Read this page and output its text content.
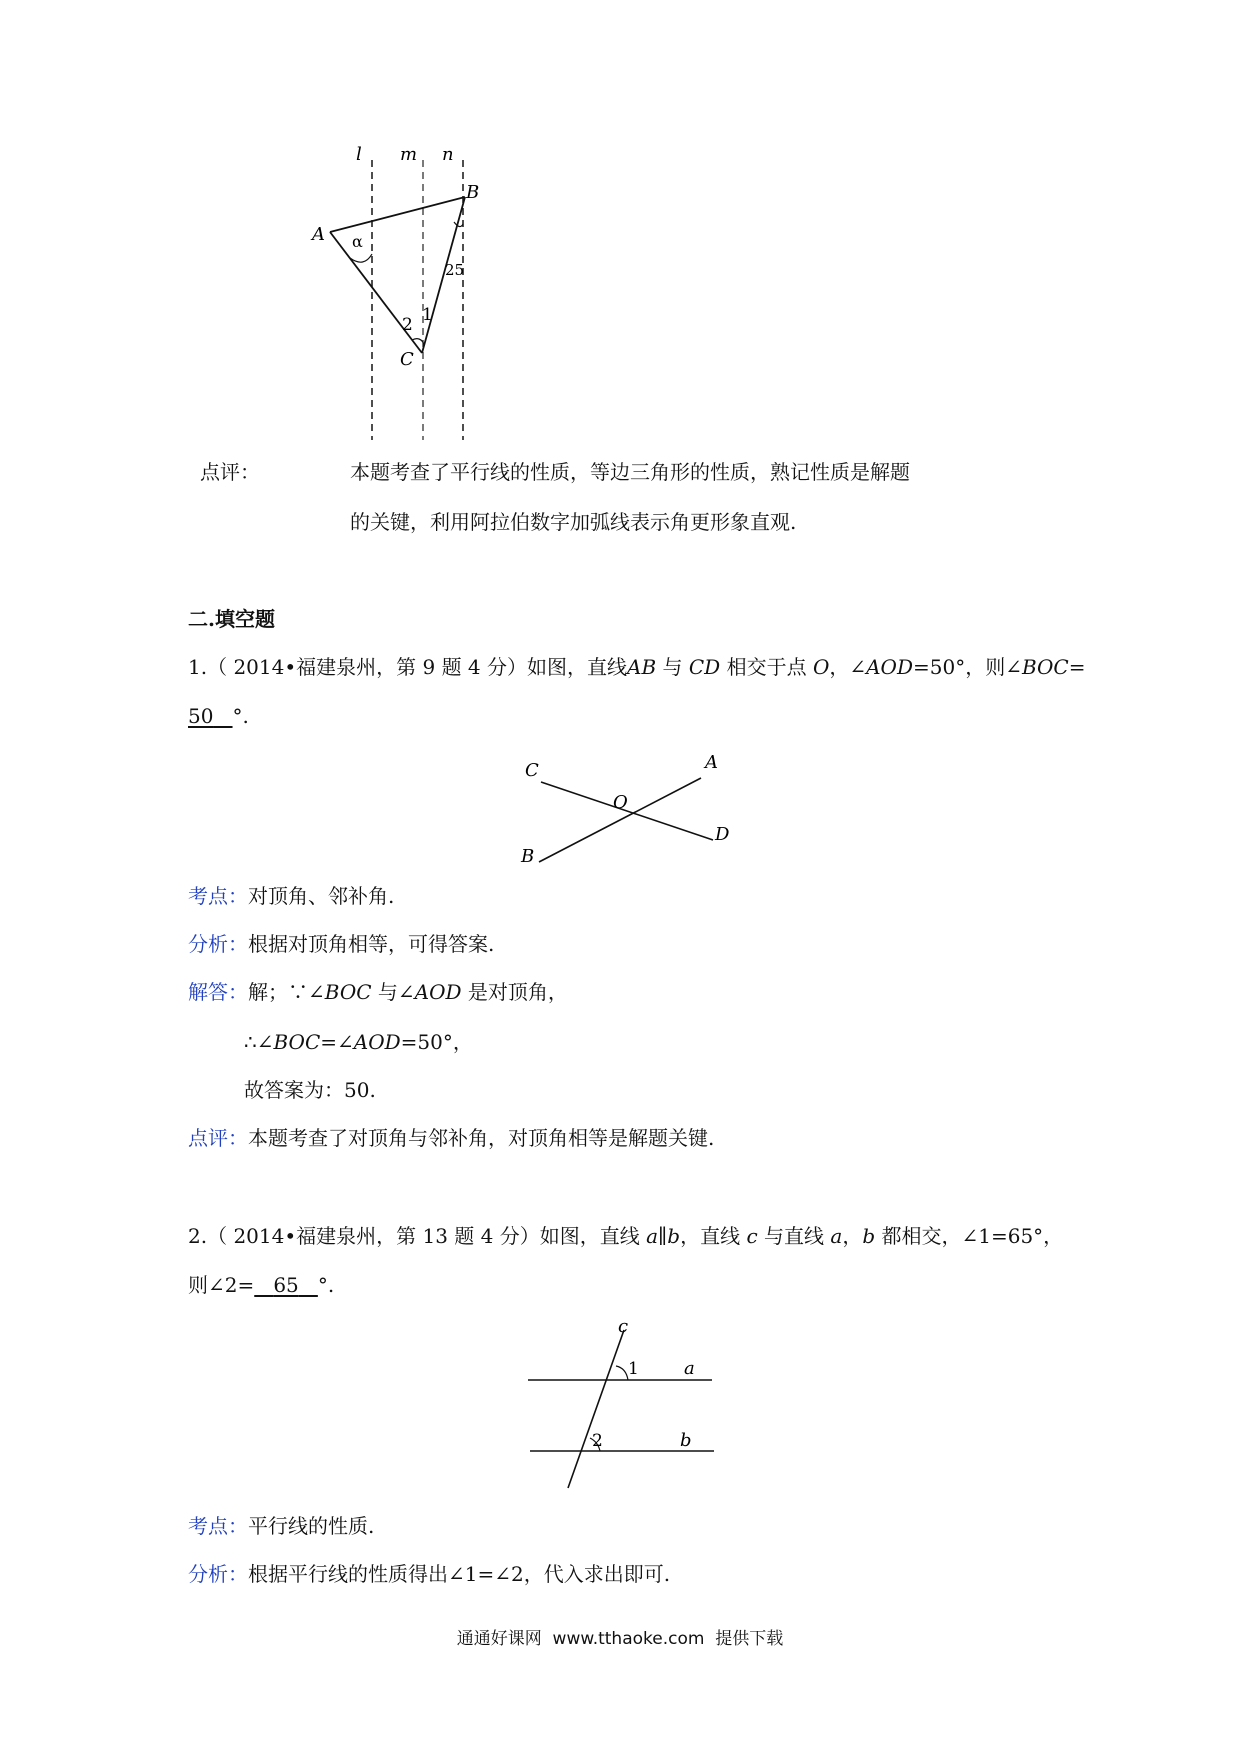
l m n
B
A α
25
2 1
C
点评：	本题考查了平行线的性质，等边三角形的性质，熟记性质是解题
的关键，利用阿拉伯数字加弧线表示角更形象直观.
二.填空题
1.（ 2014•福建泉州，第 9 题 4 分）如图，直线AB 与 CD 相交于点 O，∠AOD=50°，则∠BOC=
50 °.
C	A
O
B
D
考点：对顶角、邻补角.
分析：根据对顶角相等，可得答案.
解答：解；∵∠BOC 与∠AOD 是对顶角，
∴∠BOC=∠AOD=50°，
故答案为：50.
点评：本题考查了对顶角与邻补角，对顶角相等是解题关键.
2.（ 2014•福建泉州，第 13 题 4 分）如图，直线 a∥b，直线 c 与直线 a，b 都相交，∠1=65°，
则∠2= 65 °.
c
1	a
2	b
考点：平行线的性质.
分析：根据平行线的性质得出∠1=∠2，代入求出即可.
通通好课网  www.tthaoke.com  提供下载
